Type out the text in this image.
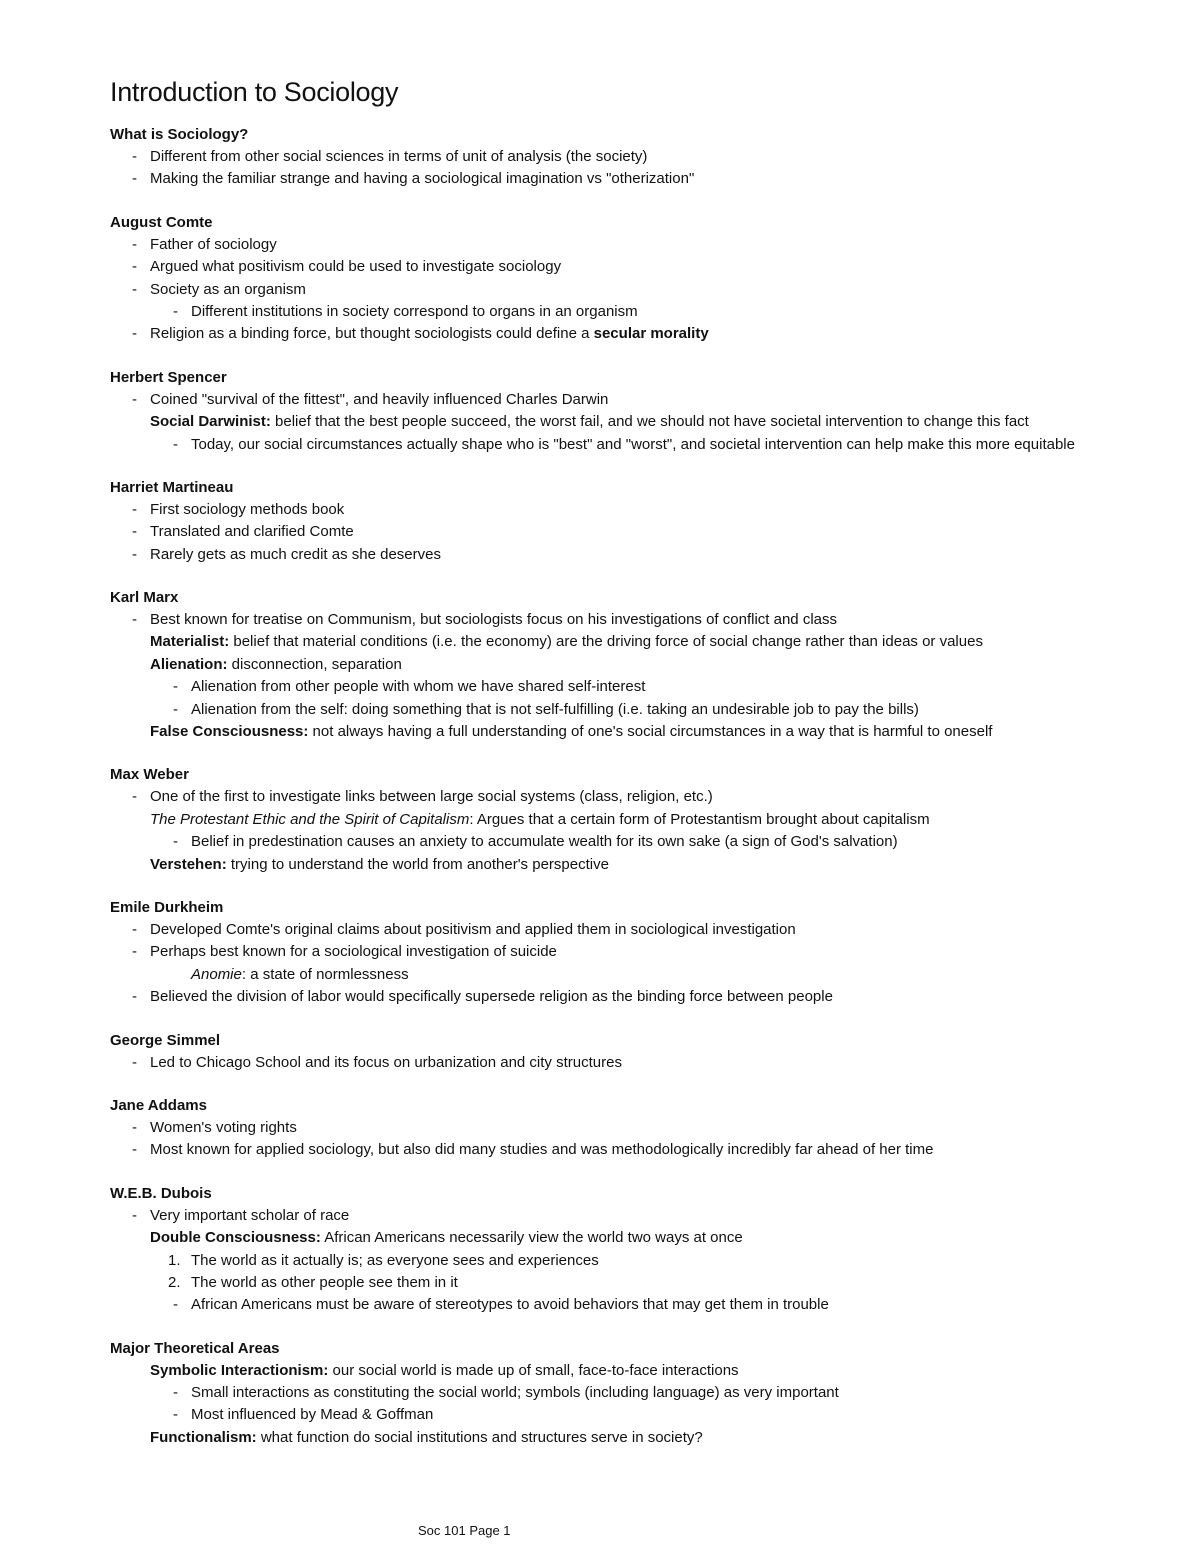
Introduction to Sociology
What is Sociology?
- Different from other social sciences in terms of unit of analysis (the society)
- Making the familiar strange and having a sociological imagination vs "otherization"
August Comte
- Father of sociology
- Argued what positivism could be used to investigate sociology
- Society as an organism
- Different institutions in society correspond to organs in an organism
- Religion as a binding force, but thought sociologists could define a secular morality
Herbert Spencer
- Coined "survival of the fittest", and heavily influenced Charles Darwin
Social Darwinist: belief that the best people succeed, the worst fail, and we should not have societal intervention to change this fact
- Today, our social circumstances actually shape who is "best" and "worst", and societal intervention can help make this more equitable
Harriet Martineau
- First sociology methods book
- Translated and clarified Comte
- Rarely gets as much credit as she deserves
Karl Marx
- Best known for treatise on Communism, but sociologists focus on his investigations of conflict and class
Materialist: belief that material conditions (i.e. the economy) are the driving force of social change rather than ideas or values
Alienation: disconnection, separation
- Alienation from other people with whom we have shared self-interest
- Alienation from the self: doing something that is not self-fulfilling (i.e. taking an undesirable job to pay the bills)
False Consciousness: not always having a full understanding of one's social circumstances in a way that is harmful to oneself
Max Weber
- One of the first to investigate links between large social systems (class, religion, etc.)
The Protestant Ethic and the Spirit of Capitalism: Argues that a certain form of Protestantism brought about capitalism
- Belief in predestination causes an anxiety to accumulate wealth for its own sake (a sign of God's salvation)
Verstehen: trying to understand the world from another's perspective
Emile Durkheim
- Developed Comte's original claims about positivism and applied them in sociological investigation
- Perhaps best known for a sociological investigation of suicide
Anomie: a state of normlessness
- Believed the division of labor would specifically supersede religion as the binding force between people
George Simmel
- Led to Chicago School and its focus on urbanization and city structures
Jane Addams
- Women's voting rights
- Most known for applied sociology, but also did many studies and was methodologically incredibly far ahead of her time
W.E.B. Dubois
- Very important scholar of race
Double Consciousness: African Americans necessarily view the world two ways at once
1. The world as it actually is; as everyone sees and experiences
2. The world as other people see them in it
- African Americans must be aware of stereotypes to avoid behaviors that may get them in trouble
Major Theoretical Areas
Symbolic Interactionism: our social world is made up of small, face-to-face interactions
- Small interactions as constituting the social world; symbols (including language) as very important
- Most influenced by Mead & Goffman
Functionalism: what function do social institutions and structures serve in society?
Soc 101 Page 1
